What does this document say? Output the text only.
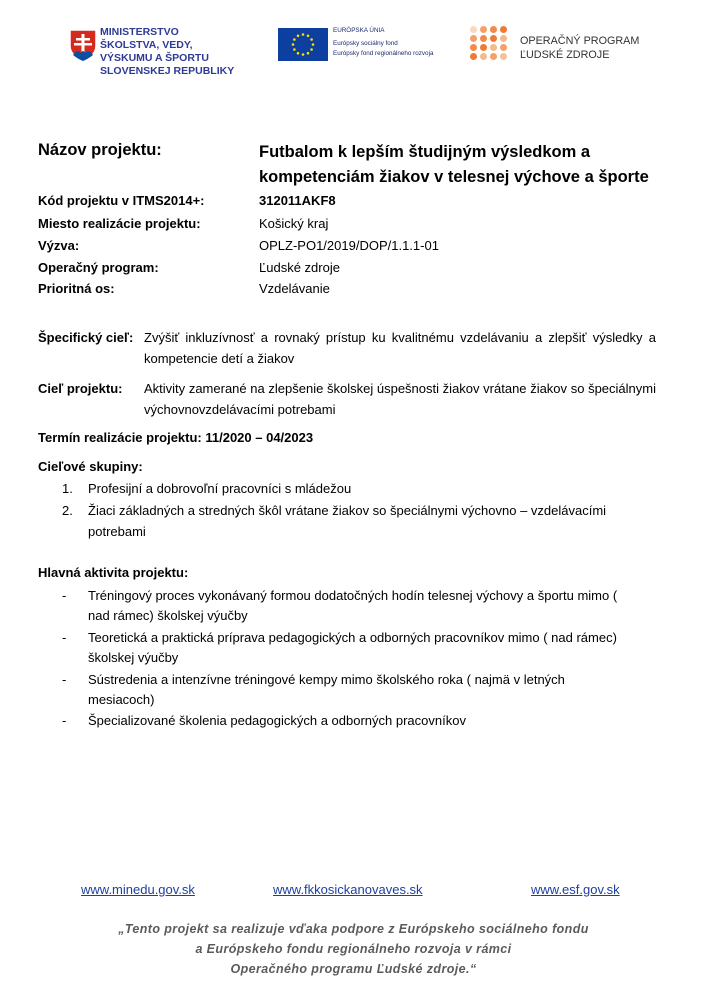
MINISTERSTVO
ŠKOLSTVA, VEDY,
VÝSKUMU A ŠPORTU
SLOVENSKEJ REPUBLIKY
EURÓPSKA ÚNIA
Európsky sociálny fond
Európsky fond regionálneho rozvoja
OPERAČNÝ PROGRAM
ĽUDSKÉ ZDROJE
Názov projektu:	Futbalom k lepším študijným výsledkom a
kompetenciám žiakov v telesnej výchove a športe
Kód projektu v ITMS2014+:	312011AKF8
Miesto realizácie projektu:	Košický kraj
Výzva:	OPLZ-PO1/2019/DOP/1.1.1-01
Operačný program:	Ľudské zdroje
Prioritná os:	Vzdelávanie
Špecifický cieľ: Zvýšiť inkluzívnosť a rovnaký prístup ku kvalitnému vzdelávaniu a zlepšiť výsledky a kompetencie detí a žiakov
Cieľ projektu: Aktivity zamerané na zlepšenie školskej úspešnosti žiakov vrátane žiakov so špeciálnymi výchovnovzdelávacími potrebami
Termín realizácie projektu: 11/2020 – 04/2023
Cieľové skupiny:
1. Profesijní a dobrovoľní pracovníci s mládežou
2. Žiaci základných a stredných škôl vrátane žiakov so špeciálnymi výchovno – vzdelávacími
potrebami
Hlavná aktivita projektu:
- Tréningový proces vykonávaný formou dodatočných hodín telesnej výchovy a športu mimo (
nad rámec) školskej výučby
- Teoretická a praktická príprava pedagogických a odborných pracovníkov mimo ( nad rámec)
školskej výučby
- Sústredenia a intenzívne tréningové kempy mimo školského roka ( najmä v letných
mesiacoch)
- Špecializované školenia pedagogických a odborných pracovníkov
www.minedu.gov.sk	www.fkkosickanovaves.sk	www.esf.gov.sk
„Tento projekt sa realizuje vďaka podpore z Európskeho sociálneho fondu
a Európskeho fondu regionálneho rozvoja v rámci
Operačného programu Ľudské zdroje.“
